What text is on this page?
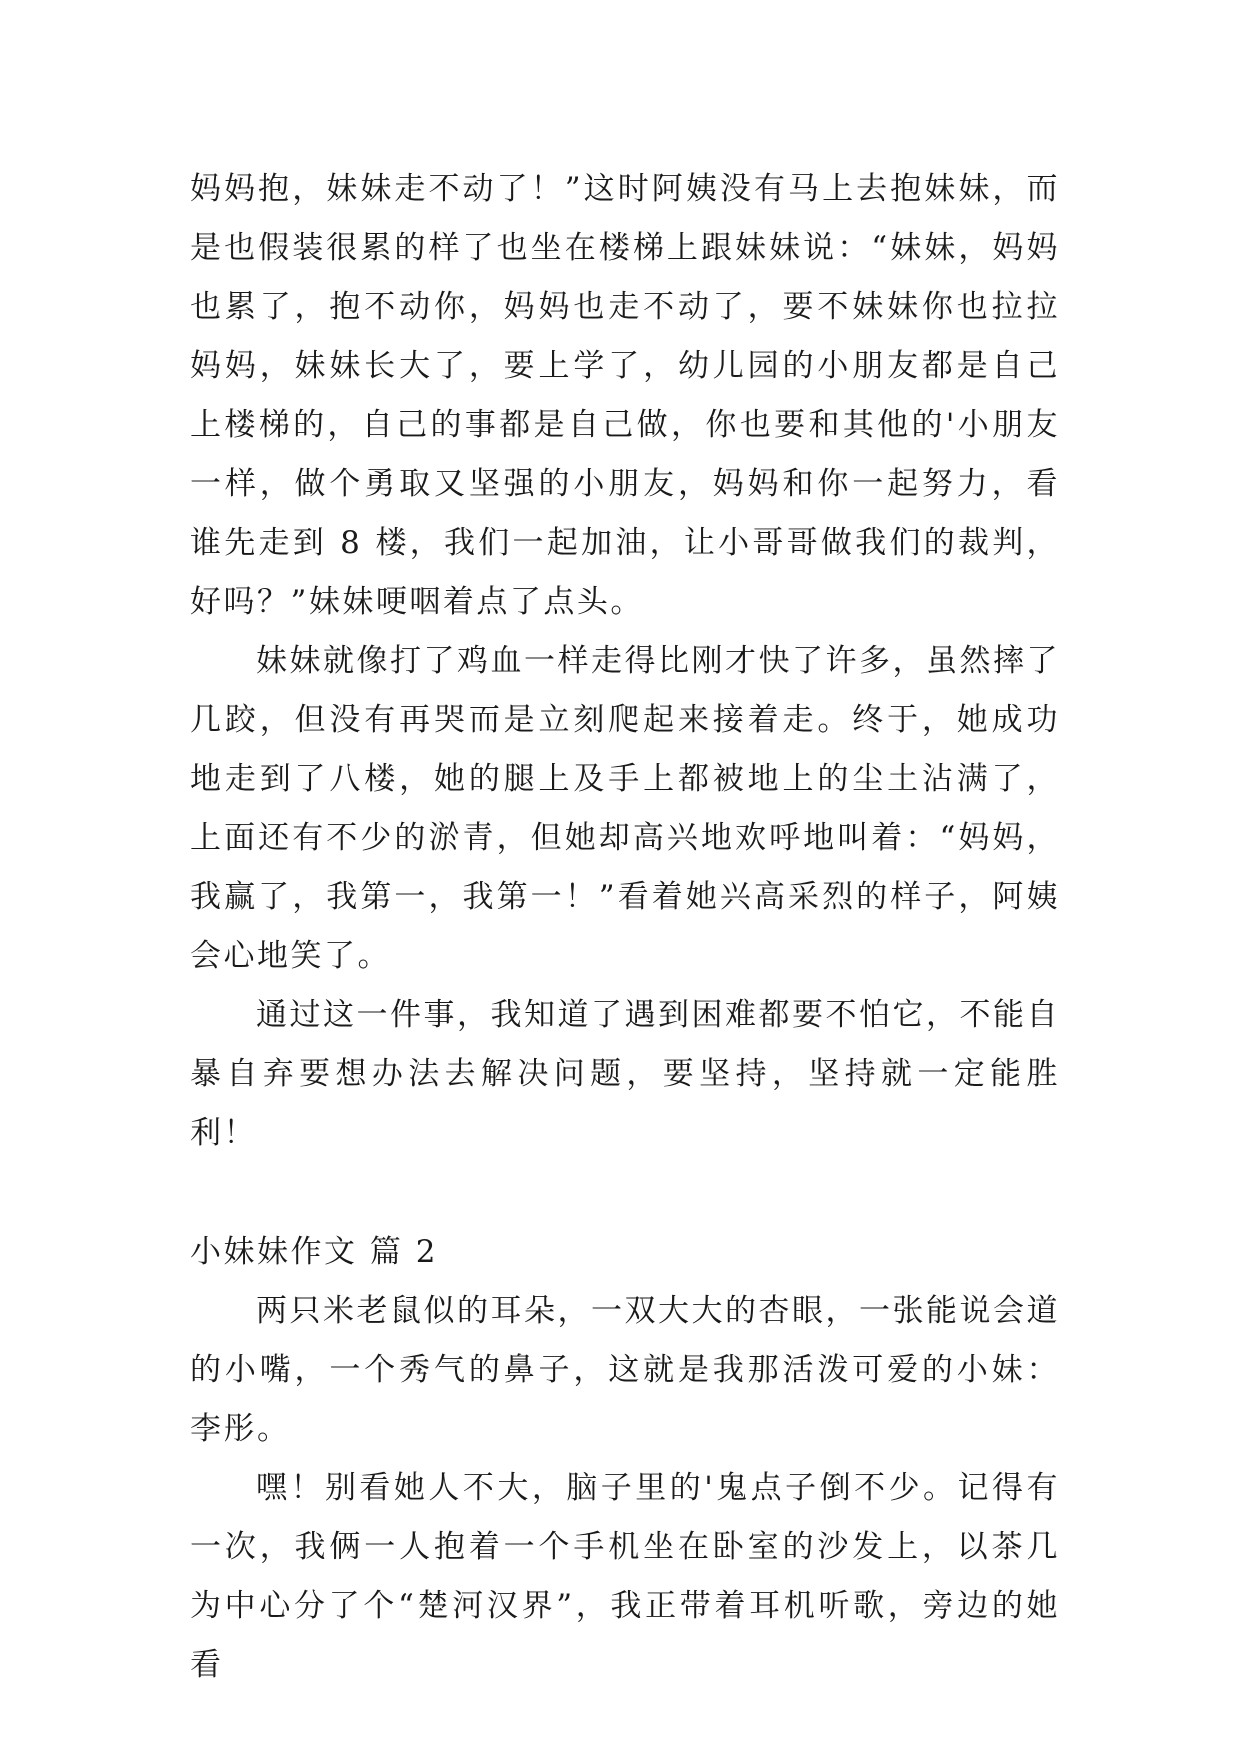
妈妈抱，妹妹走不动了！”这时阿姨没有马上去抱妹妹，而是也假装很累的样了也坐在楼梯上跟妹妹说：“妹妹，妈妈也累了，抱不动你，妈妈也走不动了，要不妹妹你也拉拉妈妈，妹妹长大了，要上学了，幼儿园的小朋友都是自己上楼梯的，自己的事都是自己做，你也要和其他的'小朋友一样，做个勇取又坚强的小朋友，妈妈和你一起努力，看谁先走到 8 楼，我们一起加油，让小哥哥做我们的裁判，好吗？”妹妹哽咽着点了点头。

妹妹就像打了鸡血一样走得比刚才快了许多，虽然摔了几跤，但没有再哭而是立刻爬起来接着走。终于，她成功地走到了八楼，她的腿上及手上都被地上的尘土沾满了，上面还有不少的淤青，但她却高兴地欢呼地叫着：“妈妈，我赢了，我第一，我第一！”看着她兴高采烈的样子，阿姨会心地笑了。

通过这一件事，我知道了遇到困难都要不怕它，不能自暴自弃要想办法去解决问题，要坚持，坚持就一定能胜利！

小妹妹作文 篇 2

两只米老鼠似的耳朵，一双大大的杏眼，一张能说会道的小嘴，一个秀气的鼻子，这就是我那活泼可爱的小妹：李彤。

嘿！别看她人不大，脑子里的'鬼点子倒不少。记得有一次，我俩一人抱着一个手机坐在卧室的沙发上，以茶几为中心分了个“楚河汉界”，我正带着耳机听歌，旁边的她看
